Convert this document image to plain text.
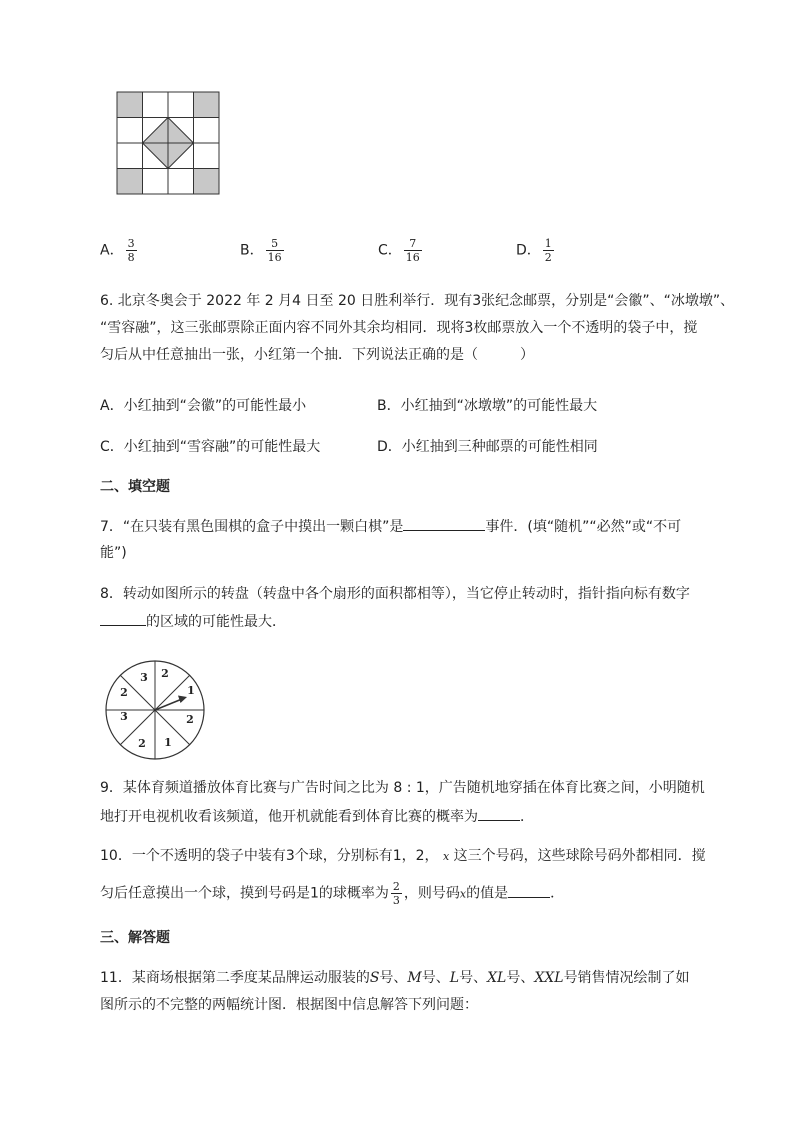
A． $\frac{3}{8}$	B． $\frac{5}{16}$	C． $\frac{7}{16}$	D． $\frac{1}{2}$
6. 北京冬奥会于 2022 年 2 月4 日至 20 日胜利举行．现有3张纪念邮票，分别是“会徽”、“冰墩墩”、
“雪容融”，这三张邮票除正面内容不同外其余均相同．现将3枚邮票放入一个不透明的袋子中，搅
匀后从中任意抽出一张，小红第一个抽．下列说法正确的是（　　　）
A．小红抽到“会徽”的可能性最小	B．小红抽到“冰墩墩”的可能性最大
C．小红抽到“雪容融”的可能性最大	D．小红抽到三种邮票的可能性相同
二、填空题
7．“在只装有黑色围棋的盒子中摸出一颗白棋”是	事件．(填“随机”“必然”或“不可
能”)
8．转动如图所示的转盘（转盘中各个扇形的面积都相等），当它停止转动时，指针指向标有数字
的区域的可能性最大．
1
2
1
2
3
2
3 2
9．某体育频道播放体育比赛与广告时间之比为 8 : 1，广告随机地穿插在体育比赛之间，小明随机
地打开电视机收看该频道，他开机就能看到体育比赛的概率为	．
10．一个不透明的袋子中装有3个球，分别标有1，2， x 这三个号码，这些球除号码外都相同．搅
匀后任意摸出一个球，摸到号码是1的球概率为 $\frac{2}{3}$ ，则号码x的值是	．
三、解答题
11．某商场根据第二季度某品牌运动服装的S号、M号、L号、XL号、XXL号销售情况绘制了如
图所示的不完整的两幅统计图．根据图中信息解答下列问题：
